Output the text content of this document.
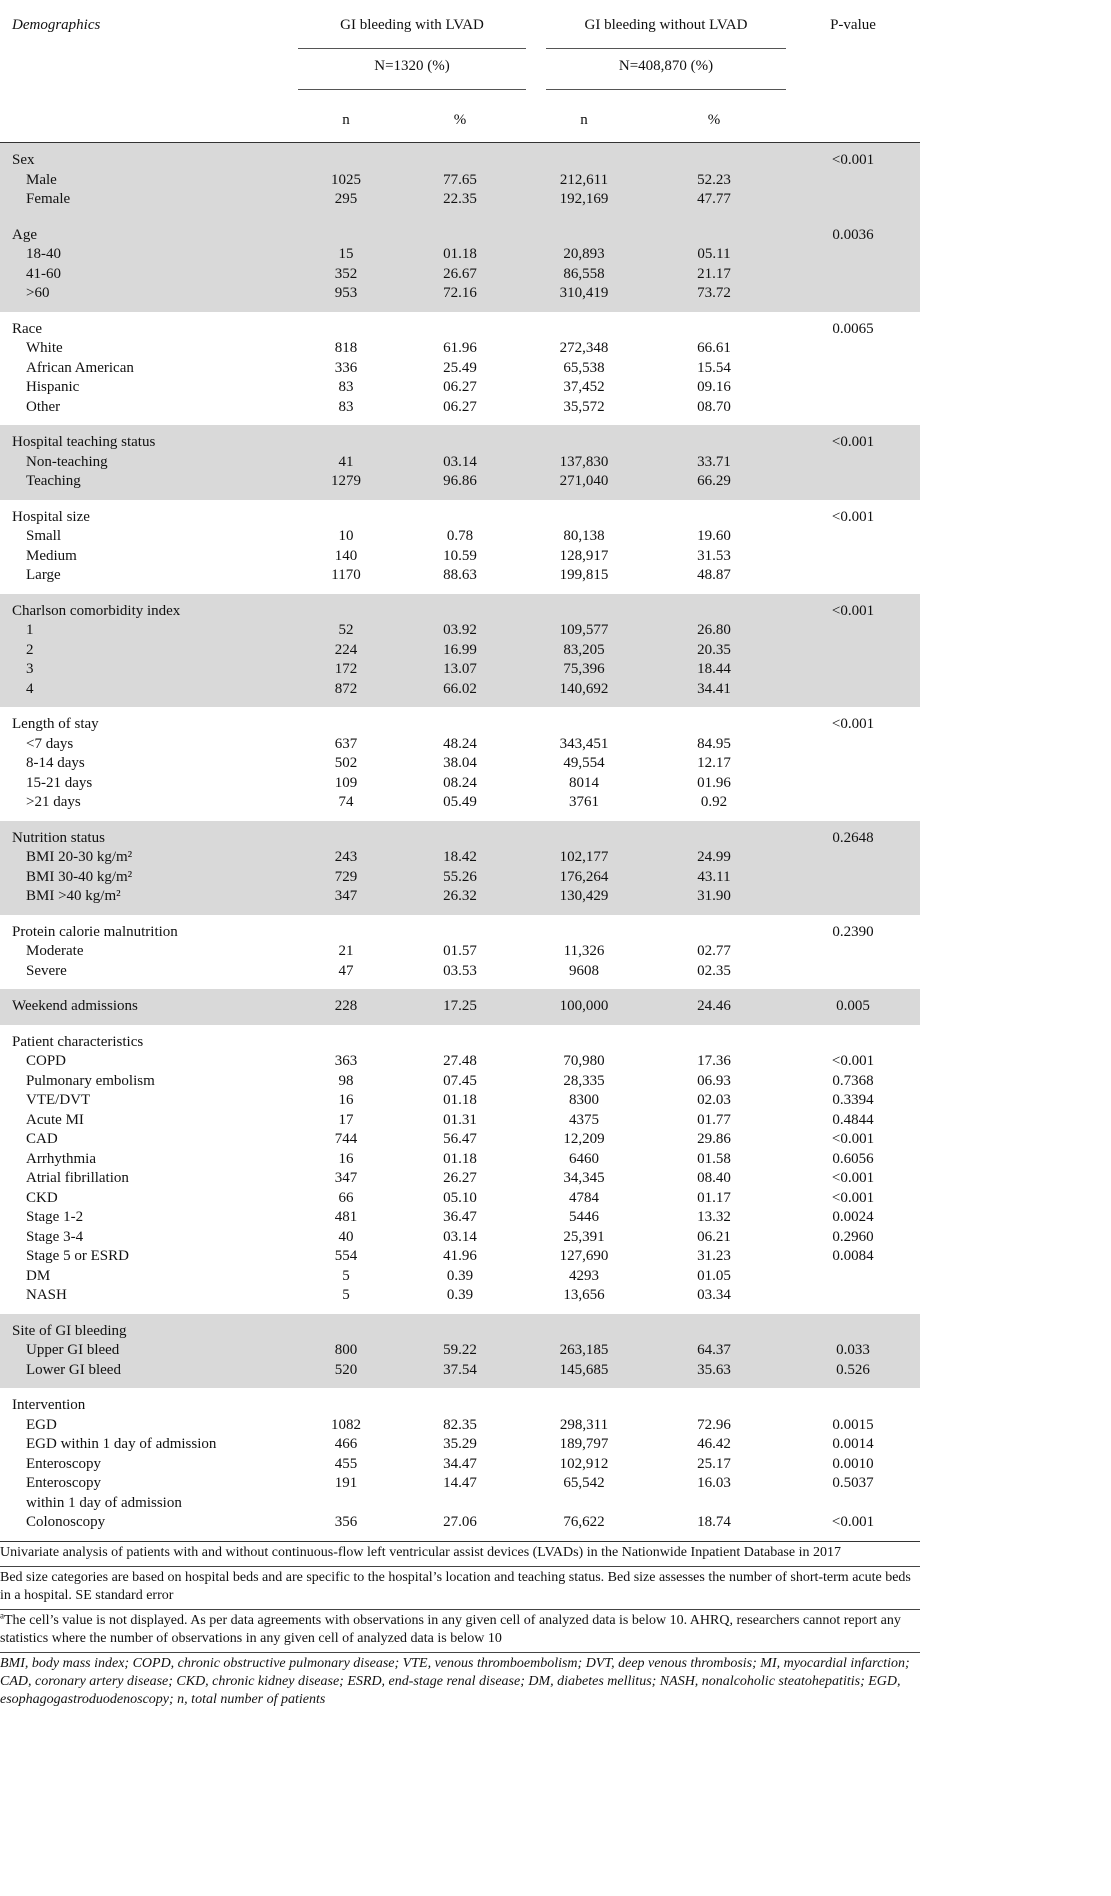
Demographics	GI bleeding with LVAD		GI bleeding without LVAD		P-value

	N=1320 (%)		N=408,870 (%)		

	n	%	n	%	

Sex					<0.001
Male	1025	77.65	212,611	52.23	
Female	295	22.35	192,169	47.77	

Age					0.0036
18-40	15	01.18	20,893	05.11	
41-60	352	26.67	86,558	21.17	
>60	953	72.16	310,419	73.72	

Race					0.0065
White	818	61.96	272,348	66.61	
African American	336	25.49	65,538	15.54	
Hispanic	83	06.27	37,452	09.16	
Other	83	06.27	35,572	08.70	

Hospital teaching status					<0.001
Non-teaching	41	03.14	137,830	33.71	
Teaching	1279	96.86	271,040	66.29	

Hospital size					<0.001
Small	10	0.78	80,138	19.60	
Medium	140	10.59	128,917	31.53	
Large	1170	88.63	199,815	48.87	

Charlson comorbidity index					<0.001
1	52	03.92	109,577	26.80	
2	224	16.99	83,205	20.35	
3	172	13.07	75,396	18.44	
4	872	66.02	140,692	34.41	

Length of stay					<0.001
<7 days	637	48.24	343,451	84.95	
8-14 days	502	38.04	49,554	12.17	
15-21 days	109	08.24	8014	01.96	
>21 days	74	05.49	3761	0.92	

Nutrition status					0.2648
BMI 20-30 kg/m²	243	18.42	102,177	24.99	
BMI 30-40 kg/m²	729	55.26	176,264	43.11	
BMI >40 kg/m²	347	26.32	130,429	31.90	

Protein calorie malnutrition					0.2390
Moderate	21	01.57	11,326	02.77	
Severe	47	03.53	9608	02.35	

Weekend admissions	228	17.25	100,000	24.46	0.005

Patient characteristics					
COPD	363	27.48	70,980	17.36	<0.001
Pulmonary embolism	98	07.45	28,335	06.93	0.7368
VTE/DVT	16	01.18	8300	02.03	0.3394
Acute MI	17	01.31	4375	01.77	0.4844
CAD	744	56.47	12,209	29.86	<0.001
Arrhythmia	16	01.18	6460	01.58	0.6056
Atrial fibrillation	347	26.27	34,345	08.40	<0.001
CKD	66	05.10	4784	01.17	<0.001
Stage 1-2	481	36.47	5446	13.32	0.0024
Stage 3-4	40	03.14	25,391	06.21	0.2960
Stage 5 or ESRD	554	41.96	127,690	31.23	0.0084
DM	5	0.39	4293	01.05	
NASH	5	0.39	13,656	03.34	

Site of GI bleeding					
Upper GI bleed	800	59.22	263,185	64.37	0.033
Lower GI bleed	520	37.54	145,685	35.63	0.526

Intervention					
EGD	1082	82.35	298,311	72.96	0.0015
EGD within 1 day of admission	466	35.29	189,797	46.42	0.0014
Enteroscopy	455	34.47	102,912	25.17	0.0010
Enteroscopy	191	14.47	65,542	16.03	0.5037
within 1 day of admission					
Colonoscopy	356	27.06	76,622	18.74	<0.001

Univariate analysis of patients with and without continuous-flow left ventricular assist devices (LVADs) in the Nationwide Inpatient Database in 2017

Bed size categories are based on hospital beds and are specific to the hospital’s location and teaching status. Bed size assesses the number of short-term acute beds in a hospital. SE standard error

$^a$The cell’s value is not displayed. As per data agreements with observations in any given cell of analyzed data is below 10. AHRQ, researchers cannot report any statistics where the number of observations in any given cell of analyzed data is below 10

BMI, body mass index; COPD, chronic obstructive pulmonary disease; VTE, venous thromboembolism; DVT, deep venous thrombosis; MI, myocardial infarction; CAD, coronary artery disease; CKD, chronic kidney disease; ESRD, end-stage renal disease; DM, diabetes mellitus; NASH, nonalcoholic steatohepatitis; EGD, esophagogastroduodenoscopy; n, total number of patients
